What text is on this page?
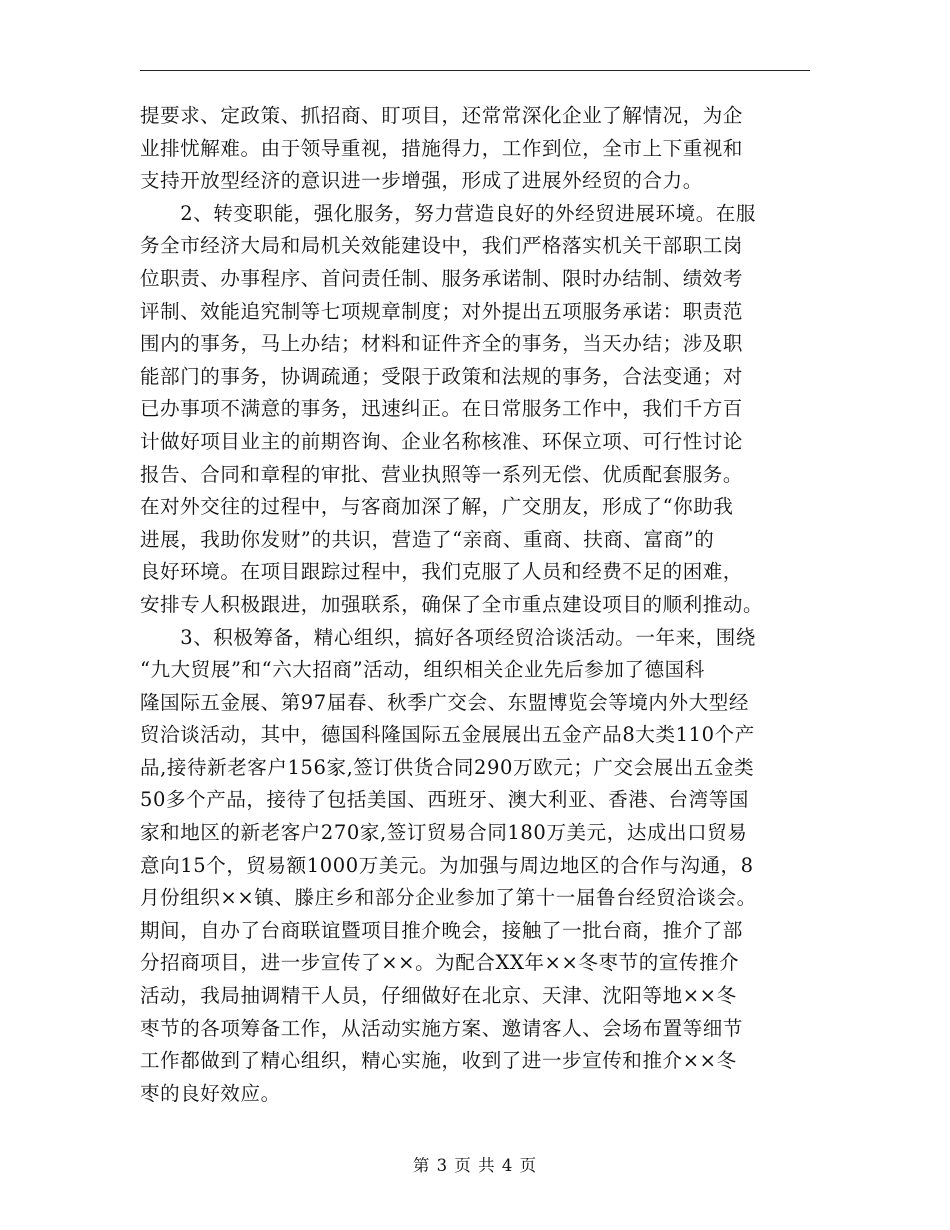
提要求、定政策、抓招商、盯项目，还常常深化企业了解情况，为企
业排忧解难。由于领导重视，措施得力，工作到位，全市上下重视和
支持开放型经济的意识进一步增强，形成了进展外经贸的合力。
　　2、转变职能，强化服务，努力营造良好的外经贸进展环境。在服
务全市经济大局和局机关效能建设中，我们严格落实机关干部职工岗
位职责、办事程序、首问责任制、服务承诺制、限时办结制、绩效考
评制、效能追究制等七项规章制度；对外提出五项服务承诺：职责范
围内的事务，马上办结；材料和证件齐全的事务，当天办结；涉及职
能部门的事务，协调疏通；受限于政策和法规的事务，合法变通；对
已办事项不满意的事务，迅速纠正。在日常服务工作中，我们千方百
计做好项目业主的前期咨询、企业名称核准、环保立项、可行性讨论
报告、合同和章程的审批、营业执照等一系列无偿、优质配套服务。
在对外交往的过程中，与客商加深了解，广交朋友，形成了“你助我
进展，我助你发财”的共识，营造了“亲商、重商、扶商、富商”的
良好环境。在项目跟踪过程中，我们克服了人员和经费不足的困难，
安排专人积极跟进，加强联系，确保了全市重点建设项目的顺利推动。
　　3、积极筹备，精心组织，搞好各项经贸洽谈活动。一年来，围绕
“九大贸展”和“六大招商”活动，组织相关企业先后参加了德国科
隆国际五金展、第97届春、秋季广交会、东盟博览会等境内外大型经
贸洽谈活动，其中，德国科隆国际五金展展出五金产品8大类110个产
品,接待新老客户156家,签订供货合同290万欧元；广交会展出五金类
50多个产品，接待了包括美国、西班牙、澳大利亚、香港、台湾等国
家和地区的新老客户270家,签订贸易合同180万美元，达成出口贸易
意向15个，贸易额1000万美元。为加强与周边地区的合作与沟通，8
月份组织××镇、滕庄乡和部分企业参加了第十一届鲁台经贸洽谈会。
期间，自办了台商联谊暨项目推介晚会，接触了一批台商，推介了部
分招商项目，进一步宣传了××。为配合XX年××冬枣节的宣传推介
活动，我局抽调精干人员，仔细做好在北京、天津、沈阳等地××冬
枣节的各项筹备工作，从活动实施方案、邀请客人、会场布置等细节
工作都做到了精心组织，精心实施，收到了进一步宣传和推介××冬
枣的良好效应。
第 3 页 共 4 页
